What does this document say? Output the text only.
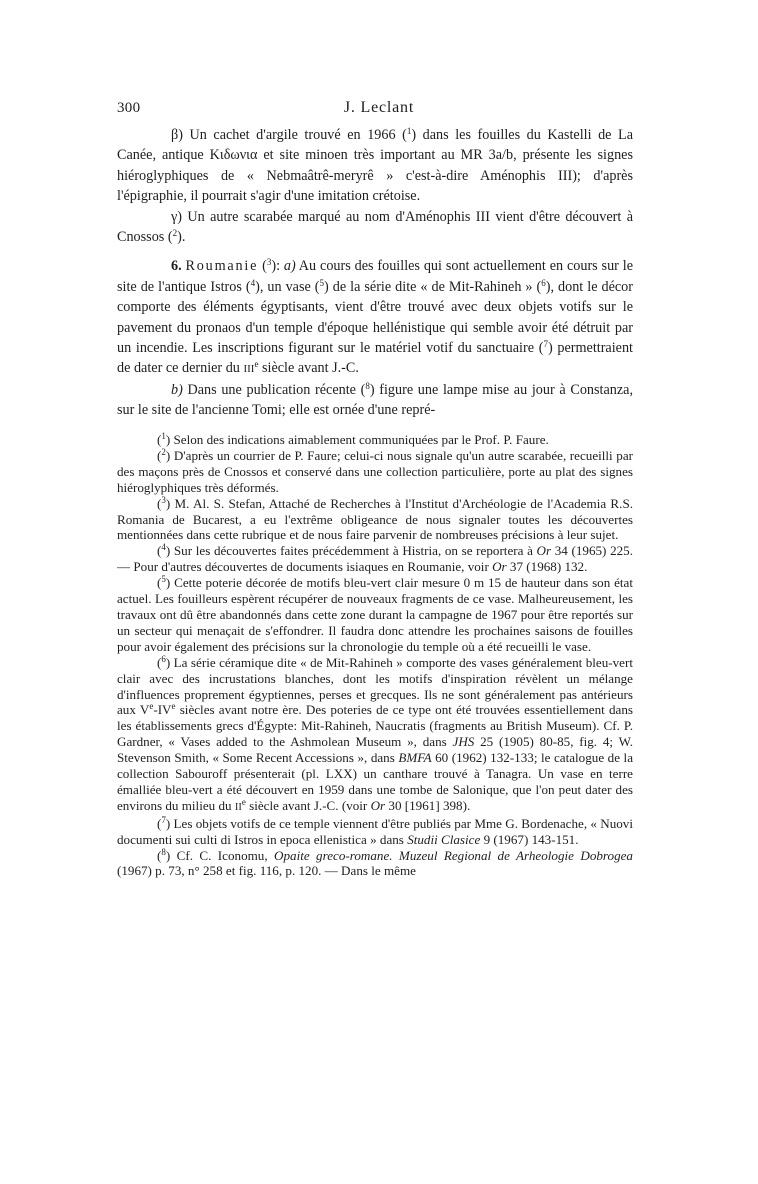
300	J. Leclant

β) Un cachet d'argile trouvé en 1966 ($^1$) dans les fouilles du Kastelli de La Canée, antique Κιδωνια et site minoen très important au MR 3a/b, présente les signes hiéroglyphiques de « Nebmaâtrê-meryrê » c'est-à-dire Aménophis III); d'après l'épigraphie, il pourrait s'agir d'une imitation crétoise.

γ) Un autre scarabée marqué au nom d'Aménophis III vient d'être découvert à Cnossos ($^2$).

6. Roumanie ($^3$): a) Au cours des fouilles qui sont actuellement en cours sur le site de l'antique Istros ($^4$), un vase ($^5$) de la série dite « de Mit-Rahineh » ($^6$), dont le décor comporte des éléments égyptisants, vient d'être trouvé avec deux objets votifs sur le pavement du pronaos d'un temple d'époque hellénistique qui semble avoir été détruit par un incendie. Les inscriptions figurant sur le matériel votif du sanctuaire ($^7$) permettraient de dater ce dernier du IIIe siècle avant J.-C.

b) Dans une publication récente ($^8$) figure une lampe mise au jour à Constanza, sur le site de l'ancienne Tomi; elle est ornée d'une repré-

($^1$) Selon des indications aimablement communiquées par le Prof. P. Faure.

($^2$) D'après un courrier de P. Faure; celui-ci nous signale qu'un autre scarabée, recueilli par des maçons près de Cnossos et conservé dans une collection particulière, porte au plat des signes hiéroglyphiques très déformés.

($^3$) M. Al. S. Stefan, Attaché de Recherches à l'Institut d'Archéologie de l'Academia R.S. Romania de Bucarest, a eu l'extrême obligeance de nous signaler toutes les découvertes mentionnées dans cette rubrique et de nous faire parvenir de nombreuses précisions à leur sujet.

($^4$) Sur les découvertes faites précédemment à Histria, on se reportera à Or 34 (1965) 225. — Pour d'autres découvertes de documents isiaques en Roumanie, voir Or 37 (1968) 132.

($^5$) Cette poterie décorée de motifs bleu-vert clair mesure 0 m 15 de hauteur dans son état actuel. Les fouilleurs espèrent récupérer de nouveaux fragments de ce vase. Malheureusement, les travaux ont dû être abandonnés dans cette zone durant la campagne de 1967 pour être reportés sur un secteur qui menaçait de s'effondrer. Il faudra donc attendre les prochaines saisons de fouilles pour avoir également des précisions sur la chronologie du temple où a été recueilli le vase.

($^6$) La série céramique dite « de Mit-Rahineh » comporte des vases généralement bleu-vert clair avec des incrustations blanches, dont les motifs d'inspiration révèlent un mélange d'influences proprement égyptiennes, perses et grecques. Ils ne sont généralement pas antérieurs aux Ve-IVe siècles avant notre ère. Des poteries de ce type ont été trouvées essentiellement dans les établissements grecs d'Égypte: Mit-Rahineh, Naucratis (fragments au British Museum). Cf. P. Gardner, « Vases added to the Ashmolean Museum », dans JHS 25 (1905) 80-85, fig. 4; W. Stevenson Smith, « Some Recent Accessions », dans BMFA 60 (1962) 132-133; le catalogue de la collection Sabouroff présenterait (pl. LXX) un canthare trouvé à Tanagra. Un vase en terre émalliée bleu-vert a été découvert en 1959 dans une tombe de Salonique, que l'on peut dater des environs du milieu du IIe siècle avant J.-C. (voir Or 30 [1961] 398).

($^7$) Les objets votifs de ce temple viennent d'être publiés par Mme G. Bordenache, « Nuovi documenti sui culti di Istros in epoca ellenistica » dans Studii Clasice 9 (1967) 143-151.

($^8$) Cf. C. Iconomu, Opaite greco-romane. Muzeul Regional de Arheologie Dobrogea (1967) p. 73, n° 258 et fig. 116, p. 120. — Dans le même
